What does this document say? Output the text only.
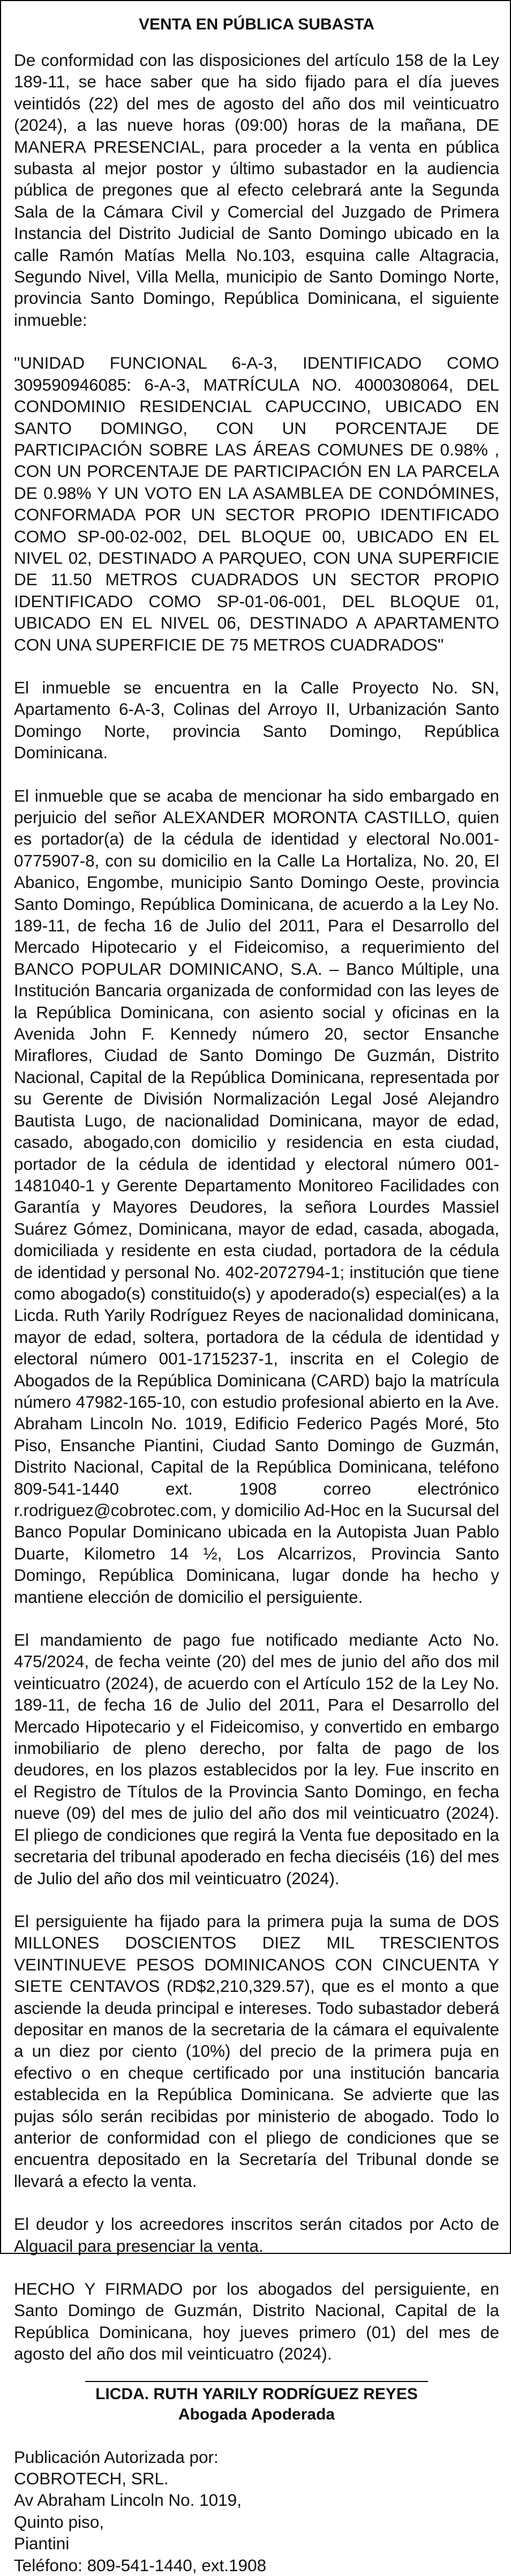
VENTA EN PÚBLICA SUBASTA

De conformidad con las disposiciones del artículo 158 de la Ley 189-11, se hace saber que ha sido fijado para el día jueves veintidós (22) del mes de agosto del año dos mil veinticuatro (2024), a las nueve horas (09:00) horas de la mañana, DE MANERA PRESENCIAL, para proceder a la venta en pública subasta al mejor postor y último subastador en la audiencia pública de pregones que al efecto celebrará ante la Segunda Sala de la Cámara Civil y Comercial del Juzgado de Primera Instancia del Distrito Judicial de Santo Domingo ubicado en la calle Ramón Matías Mella No.103, esquina calle Altagracia, Segundo Nivel, Villa Mella, municipio de Santo Domingo Norte, provincia Santo Domingo, República Dominicana, el siguiente inmueble:

"UNIDAD FUNCIONAL 6-A-3, IDENTIFICADO COMO 309590946085: 6-A-3, MATRÍCULA NO. 4000308064, DEL CONDOMINIO RESIDENCIAL CAPUCCINO, UBICADO EN SANTO DOMINGO, CON UN PORCENTAJE DE PARTICIPACIÓN SOBRE LAS ÁREAS COMUNES DE 0.98% , CON UN PORCENTAJE DE PARTICIPACIÓN EN LA PARCELA DE 0.98% Y UN VOTO EN LA ASAMBLEA DE CONDÓMINES, CONFORMADA POR UN SECTOR PROPIO IDENTIFICADO COMO SP-00-02-002, DEL BLOQUE 00, UBICADO EN EL NIVEL 02, DESTINADO A PARQUEO, CON UNA SUPERFICIE DE 11.50 METROS CUADRADOS UN SECTOR PROPIO IDENTIFICADO COMO SP-01-06-001, DEL BLOQUE 01, UBICADO EN EL NIVEL 06, DESTINADO A APARTAMENTO CON UNA SUPERFICIE DE 75 METROS CUADRADOS"

El inmueble se encuentra en la Calle Proyecto No. SN, Apartamento 6-A-3, Colinas del Arroyo II, Urbanización Santo Domingo Norte, provincia Santo Domingo, República Dominicana.

El inmueble que se acaba de mencionar ha sido embargado en perjuicio del señor ALEXANDER MORONTA CASTILLO, quien es portador(a) de la cédula de identidad y electoral No.001-0775907-8, con su domicilio en la Calle La Hortaliza, No. 20, El Abanico, Engombe, municipio Santo Domingo Oeste, provincia Santo Domingo, República Dominicana, de acuerdo a la Ley No. 189-11, de fecha 16 de Julio del 2011, Para el Desarrollo del Mercado Hipotecario y el Fideicomiso, a requerimiento del BANCO POPULAR DOMINICANO, S.A. – Banco Múltiple, una Institución Bancaria organizada de conformidad con las leyes de la República Dominicana, con asiento social y oficinas en la Avenida John F. Kennedy número 20, sector Ensanche Miraflores, Ciudad de Santo Domingo De Guzmán, Distrito Nacional, Capital de la República Dominicana, representada por su Gerente de División Normalización Legal José Alejandro Bautista Lugo, de nacionalidad Dominicana, mayor de edad, casado, abogado,con domicilio y residencia en esta ciudad, portador de la cédula de identidad y electoral número 001-1481040-1 y Gerente Departamento Monitoreo Facilidades con Garantía y Mayores Deudores, la señora Lourdes Massiel Suárez Gómez, Dominicana, mayor de edad, casada, abogada, domiciliada y residente en esta ciudad, portadora de la cédula de identidad y personal No. 402-2072794-1; institución que tiene como abogado(s) constituido(s) y apoderado(s) especial(es) a la Licda. Ruth Yarily Rodríguez Reyes de nacionalidad dominicana, mayor de edad, soltera, portadora de la cédula de identidad y electoral número 001-1715237-1, inscrita en el Colegio de Abogados de la República Dominicana (CARD) bajo la matrícula número 47982-165-10, con estudio profesional abierto en la Ave. Abraham Lincoln No. 1019, Edificio Federico Pagés Moré, 5to Piso, Ensanche Piantini, Ciudad Santo Domingo de Guzmán, Distrito Nacional, Capital de la República Dominicana, teléfono 809-541-1440 ext. 1908 correo electrónico r.rodriguez@cobrotec.com, y domicilio Ad-Hoc en la Sucursal del Banco Popular Dominicano ubicada en la Autopista Juan Pablo Duarte, Kilometro 14 ½, Los Alcarrizos, Provincia Santo Domingo, República Dominicana, lugar donde ha hecho y mantiene elección de domicilio el persiguiente.

El mandamiento de pago fue notificado mediante Acto No. 475/2024, de fecha veinte (20) del mes de junio del año dos mil veinticuatro (2024), de acuerdo con el Artículo 152 de la Ley No. 189-11, de fecha 16 de Julio del 2011, Para el Desarrollo del Mercado Hipotecario y el Fideicomiso, y convertido en embargo inmobiliario de pleno derecho, por falta de pago de los deudores, en los plazos establecidos por la ley. Fue inscrito en el Registro de Títulos de la Provincia Santo Domingo, en fecha nueve (09) del mes de julio del año dos mil veinticuatro (2024). El pliego de condiciones que regirá la Venta fue depositado en la secretaria del tribunal apoderado en fecha dieciséis (16) del mes de Julio del año dos mil veinticuatro (2024).

El persiguiente ha fijado para la primera puja la suma de DOS MILLONES DOSCIENTOS DIEZ MIL TRESCIENTOS VEINTINUEVE PESOS DOMINICANOS CON CINCUENTA Y SIETE CENTAVOS (RD$2,210,329.57), que es el monto a que asciende la deuda principal e intereses. Todo subastador deberá depositar en manos de la secretaria de la cámara el equivalente a un diez por ciento (10%) del precio de la primera puja en efectivo o en cheque certificado por una institución bancaria establecida en la República Dominicana. Se advierte que las pujas sólo serán recibidas por ministerio de abogado. Todo lo anterior de conformidad con el pliego de condiciones que se encuentra depositado en la Secretaría del Tribunal donde se llevará a efecto la venta.

El deudor y los acreedores inscritos serán citados por Acto de Alguacil para presenciar la venta.

HECHO Y FIRMADO por los abogados del persiguiente, en Santo Domingo de Guzmán, Distrito Nacional, Capital de la República Dominicana, hoy jueves primero (01) del mes de agosto del año dos mil veinticuatro (2024).

LICDA. RUTH YARILY RODRÍGUEZ REYES

Abogada Apoderada

Publicación Autorizada por:

COBROTECH, SRL.

Av Abraham Lincoln No. 1019,

Quinto piso,

Piantini

Teléfono: 809-541-1440, ext.1908
